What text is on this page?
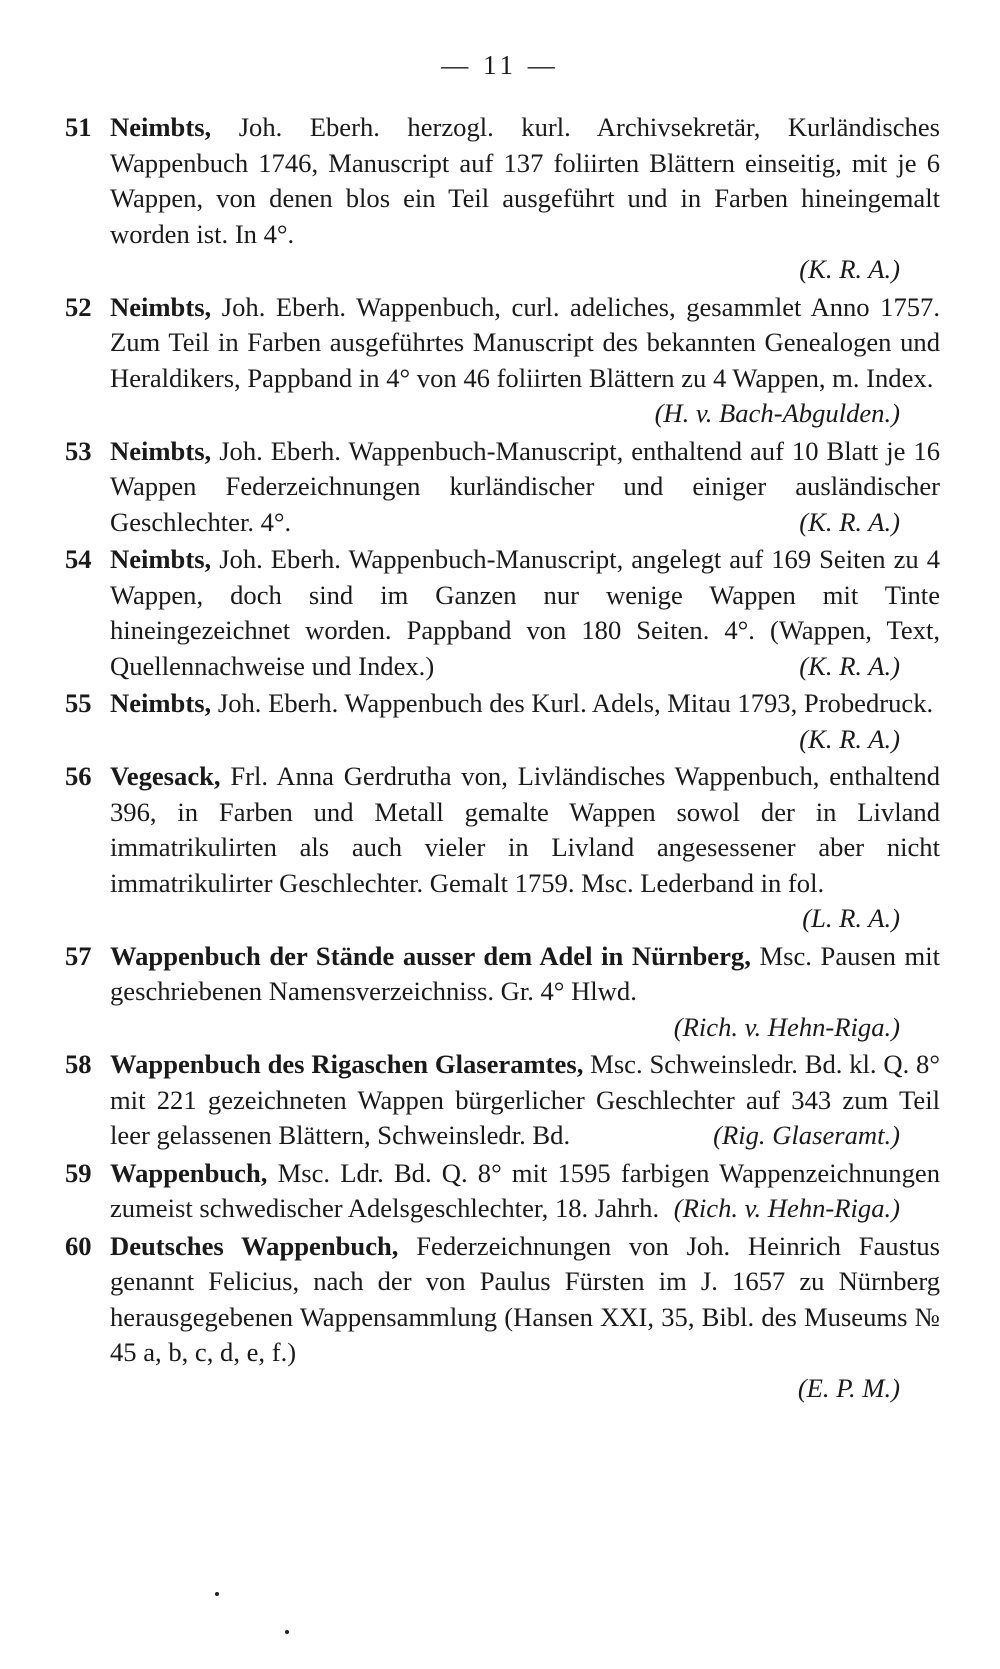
— 11 —
51 Neimbts, Joh. Eberh. herzogl. kurl. Archivsekretär, Kurländisches Wappenbuch 1746, Manuscript auf 137 foliirten Blättern einseitig, mit je 6 Wappen, von denen blos ein Teil ausgeführt und in Farben hineingemalt worden ist. In 4°.
(K. R. A.)
52 Neimbts, Joh. Eberh. Wappenbuch, curl. adeliches, gesammlet Anno 1757. Zum Teil in Farben ausgeführtes Manuscript des bekannten Genealogen und Heraldikers, Pappband in 4° von 46 foliirten Blättern zu 4 Wappen, m. Index.
(H. v. Bach-Abgulden.)
53 Neimbts, Joh. Eberh. Wappenbuch-Manuscript, enthaltend auf 10 Blatt je 16 Wappen Federzeichnungen kurländischer und einiger ausländischer Geschlechter. 4°.	(K. R. A.)
54 Neimbts, Joh. Eberh. Wappenbuch-Manuscript, angelegt auf 169 Seiten zu 4 Wappen, doch sind im Ganzen nur wenige Wappen mit Tinte hineingezeichnet worden. Pappband von 180 Seiten. 4°. (Wappen, Text, Quellennachweise und Index.)	(K. R. A.)
55 Neimbts, Joh. Eberh. Wappenbuch des Kurl. Adels, Mitau 1793, Probedruck.
(K. R. A.)
56 Vegesack, Frl. Anna Gerdrutha von, Livländisches Wappenbuch, enthaltend 396, in Farben und Metall gemalte Wappen sowol der in Livland immatrikulirten als auch vieler in Livland angesessener aber nicht immatrikulirter Geschlechter. Gemalt 1759. Msc. Lederband in fol.
(L. R. A.)
57 Wappenbuch der Stände ausser dem Adel in Nürnberg, Msc. Pausen mit geschriebenen Namensverzeichniss. Gr. 4° Hlwd.
(Rich. v. Hehn-Riga.)
58 Wappenbuch des Rigaschen Glaseramtes, Msc. Schweinsledr. Bd. kl. Q. 8° mit 221 gezeichneten Wappen bürgerlicher Geschlechter auf 343 zum Teil leer gelassenen Blättern, Schweinsledr. Bd.	(Rig. Glaseramt.)
59 Wappenbuch, Msc. Ldr. Bd. Q. 8° mit 1595 farbigen Wappenzeichnungen zumeist schwedischer Adelsgeschlechter, 18. Jahrh. (Rich. v. Hehn-Riga.)
60 Deutsches Wappenbuch, Federzeichnungen von Joh. Heinrich Faustus genannt Felicius, nach der von Paulus Fürsten im J. 1657 zu Nürnberg herausgegebenen Wappensammlung (Hansen XXI, 35, Bibl. des Museums № 45 a, b, c, d, e, f.)
(E. P. M.)
